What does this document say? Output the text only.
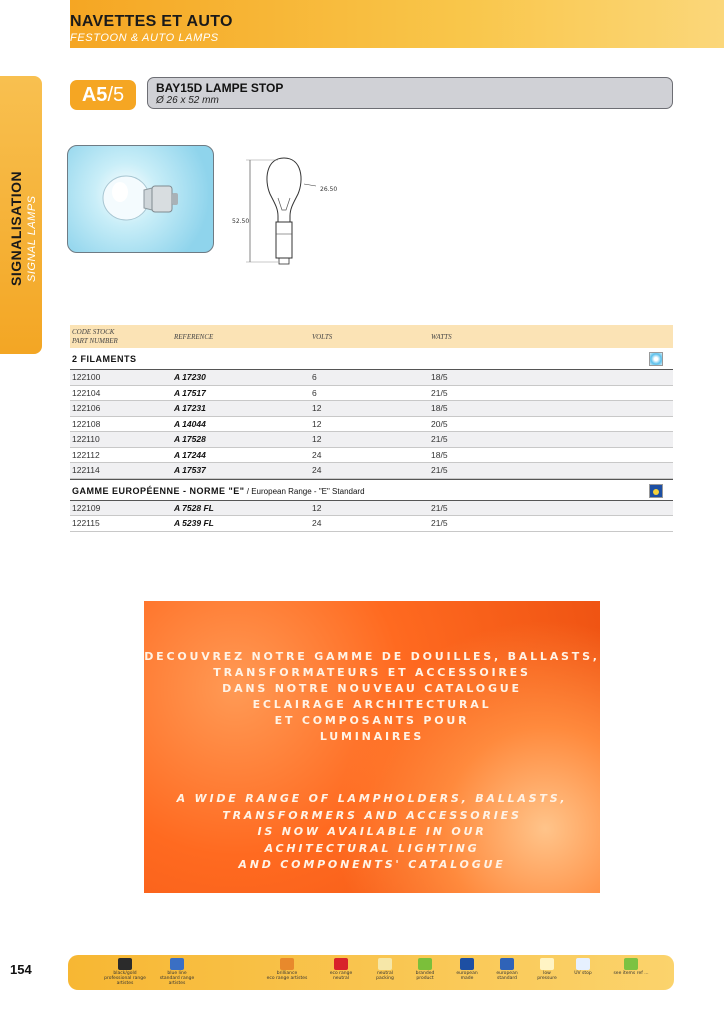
NAVETTES ET AUTO
FESTOON & AUTO LAMPS
SIGNALISATION SIGNAL LAMPS
A5/5	BAY15D LAMPE STOP
Ø 26 x 52 mm
26.50
52.50
CODE STOCK
PART NUMBER	REFERENCE	VOLTS	WATTS
2 FILAMENTS
122100	A 17230	6	18/5
122104	A 17517	6	21/5
122106	A 17231	12	18/5
122108	A 14044	12	20/5
122110	A 17528	12	21/5
122112	A 17244	24	18/5
122114	A 17537	24	21/5
GAMME EUROPÉENNE - NORME "E" / European Range - "E" Standard
122109	A 7528 FL	12	21/5
122115	A 5239 FL	24	21/5
DECOUVREZ NOTRE GAMME DE DOUILLES, BALLASTS,
TRANSFORMATEURS ET ACCESSOIRES
DANS NOTRE NOUVEAU CATALOGUE
ECLAIRAGE ARCHITECTURAL
ET COMPOSANTS POUR
LUMINAIRES
A WIDE RANGE OF LAMPHOLDERS, BALLASTS,
TRANSFORMERS AND ACCESSORIES
IS NOW AVAILABLE IN OUR
ACHITECTURAL LIGHTING
AND COMPONENTS' CATALOGUE
154	black/gold
professional range artistes
blue line
standard range artistes
brilliance
eco range artistes
eco range
neutral
neutral
packing
branded
product
european
made
european
standard
low
pressure
UV stop	see items ref ...
